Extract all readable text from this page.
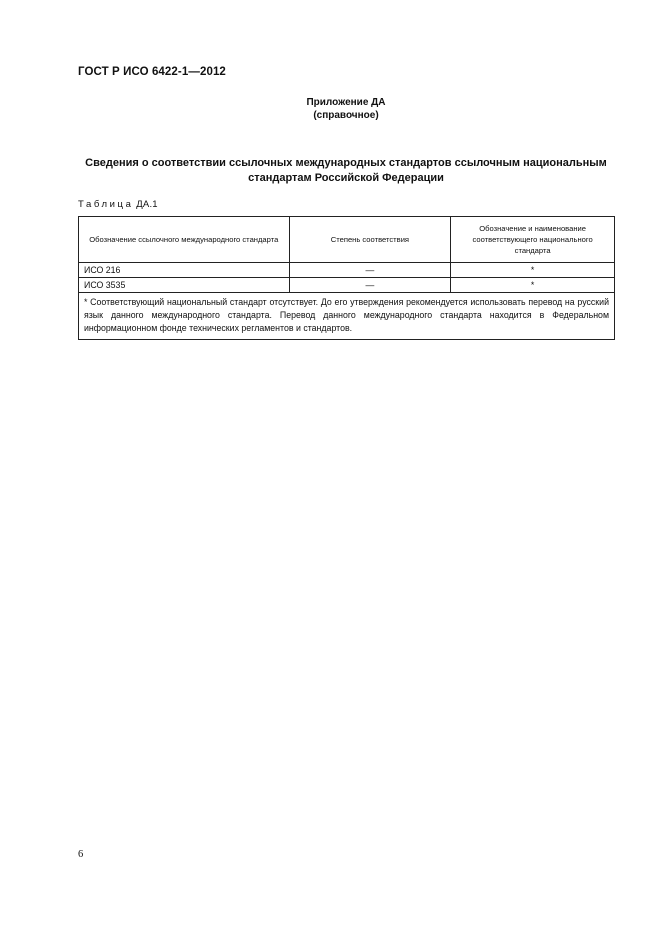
ГОСТ Р ИСО 6422-1—2012
Приложение ДА
(справочное)
Сведения о соответствии ссылочных международных стандартов ссылочным национальным
стандартам Российской Федерации
Таблица ДА.1
Обозначение ссылочного международного стандарта	Степень соответствия	Обозначение и наименование соответствующего национального стандарта
ИСО 216	—	*
ИСО 3535	—	*
* Соответствующий национальный стандарт отсутствует. До его утверждения рекомендуется использовать перевод на русский язык данного международного стандарта. Перевод данного международного стандарта находится в Федеральном информационном фонде технических регламентов и стандартов.		
6
